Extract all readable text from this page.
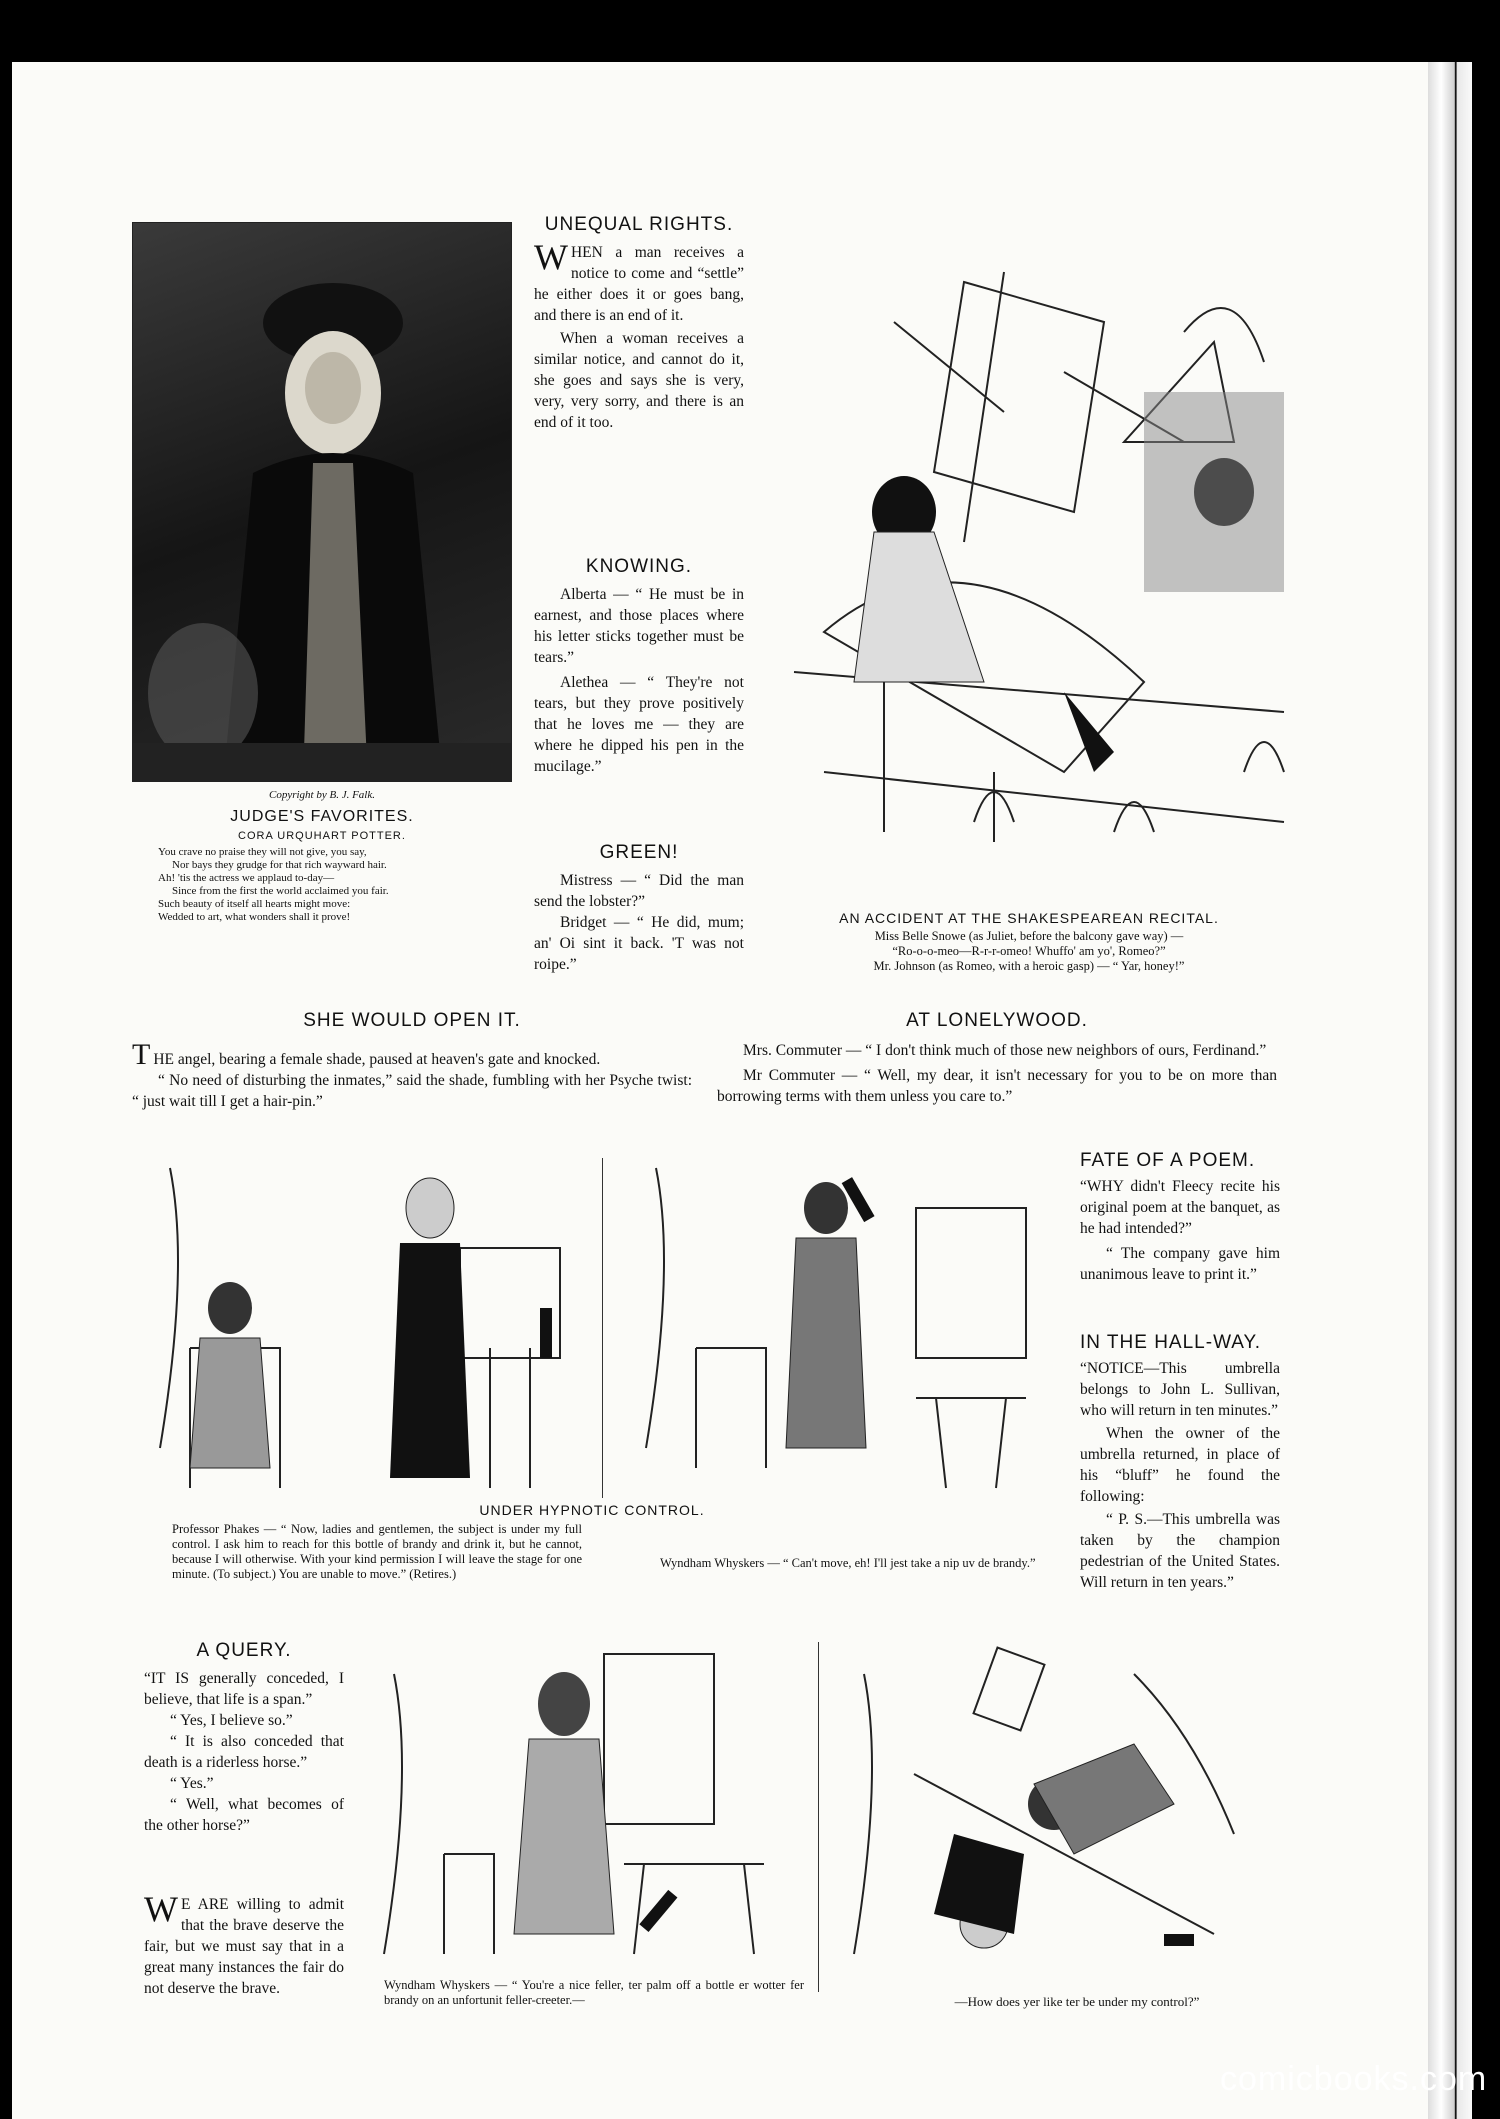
Copyright by B. J. Falk.
JUDGE'S FAVORITES.
CORA URQUHART POTTER.
You crave no praise they will not give, you say,
Nor bays they grudge for that rich wayward hair.
Ah! 'tis the actress we applaud to-day—
Since from the first the world acclaimed you fair.
Such beauty of itself all hearts might move:
Wedded to art, what wonders shall it prove!
UNEQUAL RIGHTS.
WHEN a man receives a notice to come and “settle” he either does it or goes bang, and there is an end of it.
When a woman receives a similar notice, and cannot do it, she goes and says she is very, very, very sorry, and there is an end of it too.
KNOWING.
Alberta — “ He must be in earnest, and those places where his letter sticks together must be tears.”
Alethea — “ They're not tears, but they prove positively that he loves me — they are where he dipped his pen in the mucilage.”
GREEN!
Mistress — “ Did the man send the lobster?”
Bridget — “ He did, mum; an' Oi sint it back. 'T was not roipe.”
AN ACCIDENT AT THE SHAKESPEAREAN RECITAL.
Miss Belle Snowe (as Juliet, before the balcony gave way) —
“Ro-o-o-meo—R-r-r-omeo! Whuffo' am yo', Romeo?”
Mr. Johnson (as Romeo, with a heroic gasp) — “ Yar, honey!”
SHE WOULD OPEN IT.
THE angel, bearing a female shade, paused at heaven's gate and knocked.
“ No need of disturbing the inmates,” said the shade, fumbling with her Psyche twist: “ just wait till I get a hair-pin.”
AT LONELYWOOD.
Mrs. Commuter — “ I don't think much of those new neighbors of ours, Ferdinand.”
Mr Commuter — “ Well, my dear, it isn't necessary for you to be on more than borrowing terms with them unless you care to.”
UNDER HYPNOTIC CONTROL.
Professor Phakes — “ Now, ladies and gentlemen, the subject is under my full control. I ask him to reach for this bottle of brandy and drink it, but he cannot, because I will otherwise. With your kind permission I will leave the stage for one minute. (To subject.) You are unable to move.” (Retires.)
Wyndham Whyskers — “ Can't move, eh! I'll jest take a nip uv de brandy.”
FATE OF A POEM.
“WHY didn't Fleecy recite his original poem at the banquet, as he had intended?”
“ The company gave him unanimous leave to print it.”
IN THE HALL-WAY.
“NOTICE—This umbrella belongs to John L. Sullivan, who will return in ten minutes.”
When the owner of the umbrella returned, in place of his “bluff” he found the following:
“ P. S.—This umbrella was taken by the champion pedestrian of the United States. Will return in ten years.”
A QUERY.
“IT IS generally conceded, I believe, that life is a span.”
“ Yes, I believe so.”
“ It is also conceded that death is a riderless horse.”
“ Yes.”
“ Well, what becomes of the other horse?”
W E ARE willing to admit that the brave deserve the fair, but we must say that in a great many instances the fair do not deserve the brave.	Wyndham Whyskers — “ You're a nice feller, ter palm off a bottle er wotter fer brandy on an unfortunit feller-creeter.—	—How does yer like ter be under my control?”
comicbooks.com
